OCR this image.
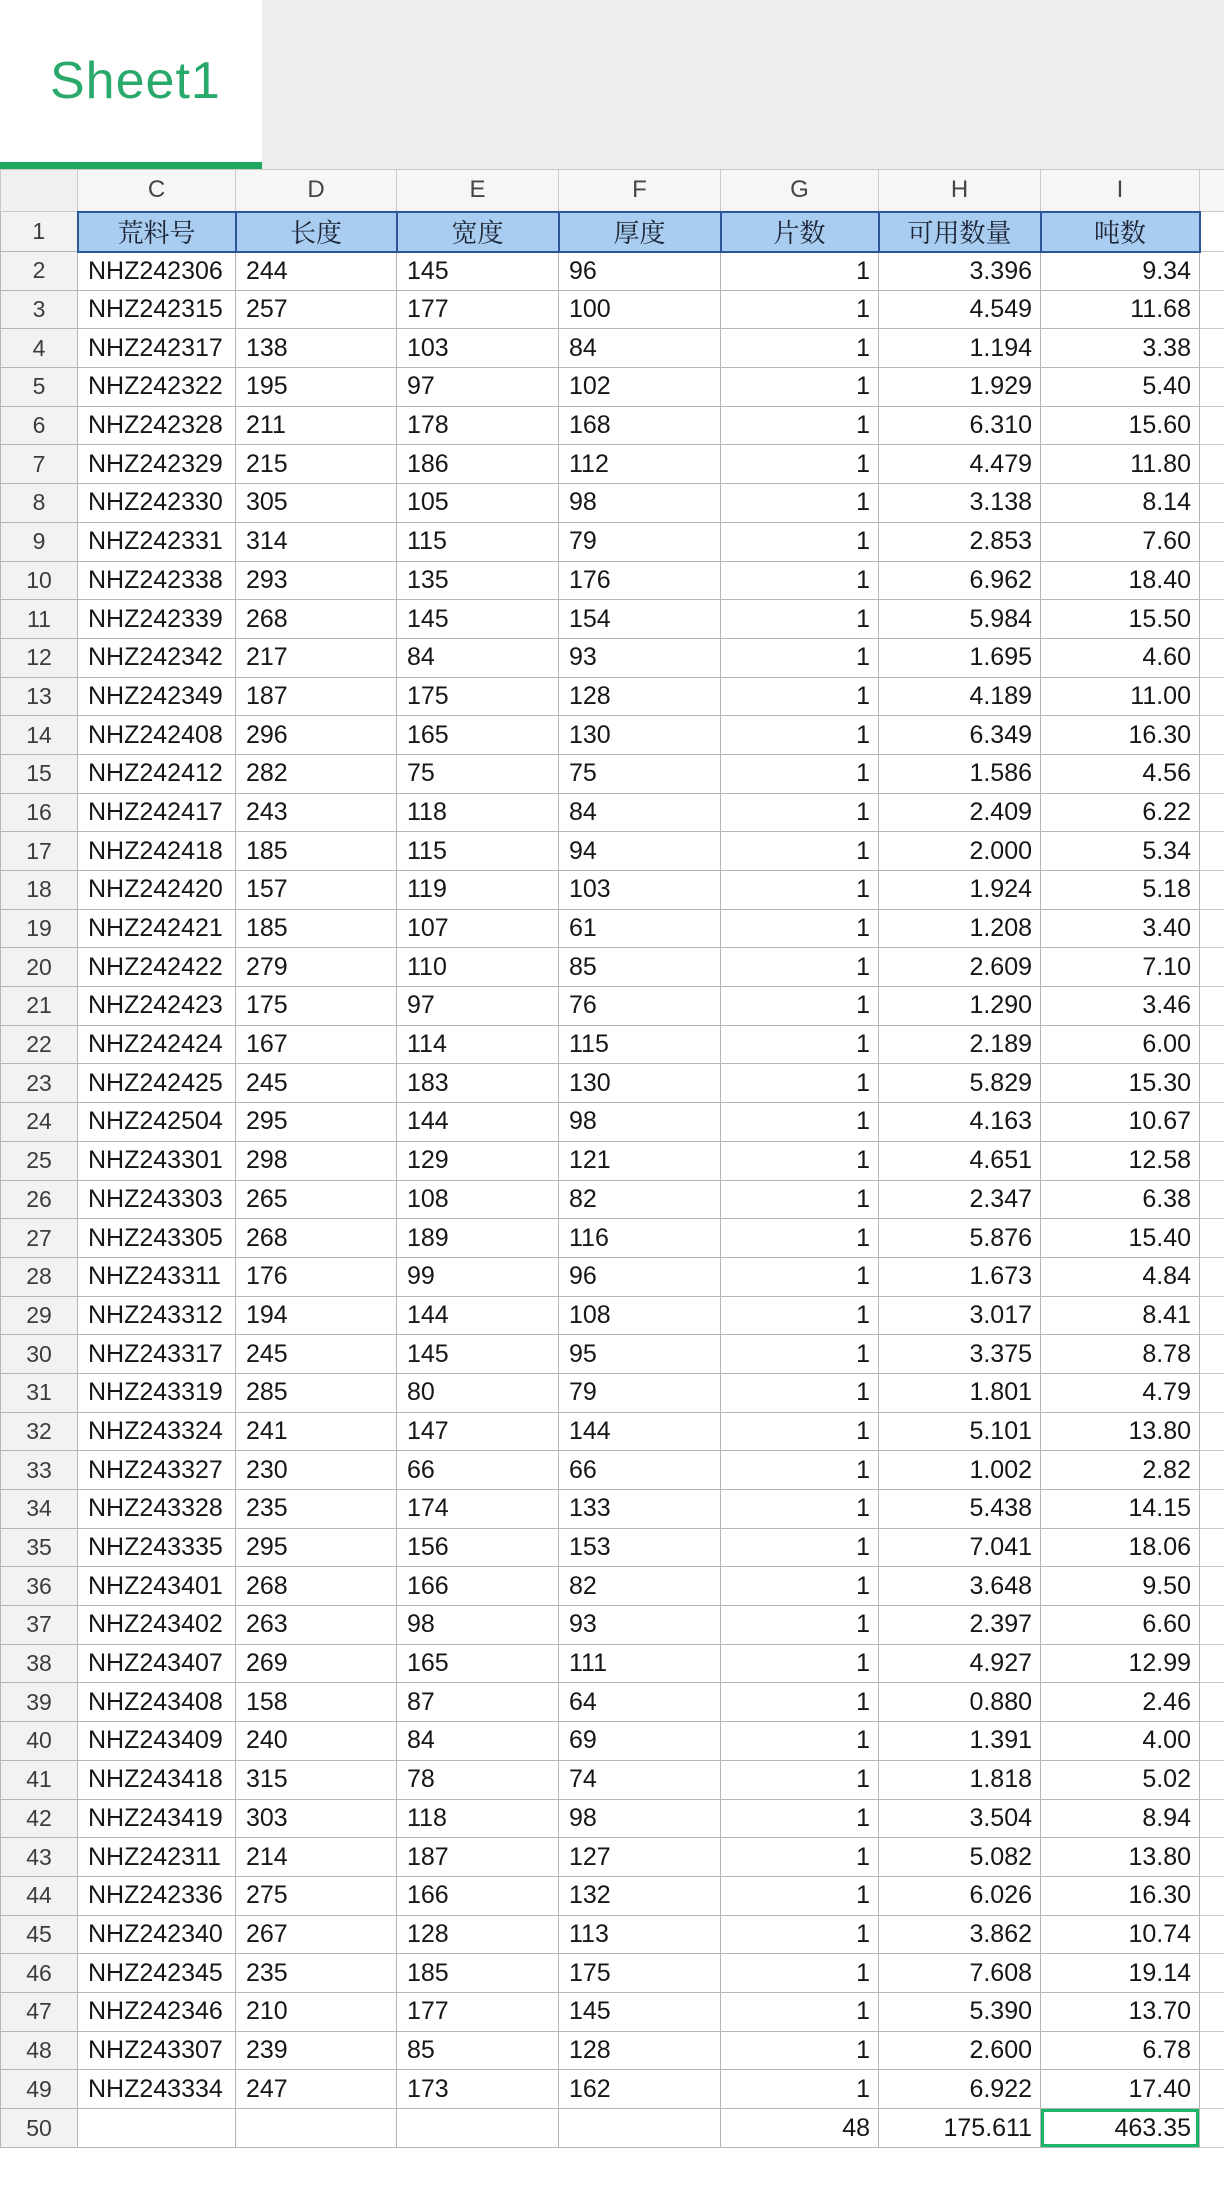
Sheet1
	C	D	E	F	G	H	I	
1	荒料号	长度	宽度	厚度	片数	可用数量	吨数	
2	NHZ242306	244	145	96	1	3.396	9.34	
3	NHZ242315	257	177	100	1	4.549	11.68	
4	NHZ242317	138	103	84	1	1.194	3.38	
5	NHZ242322	195	97	102	1	1.929	5.40	
6	NHZ242328	211	178	168	1	6.310	15.60	
7	NHZ242329	215	186	112	1	4.479	11.80	
8	NHZ242330	305	105	98	1	3.138	8.14	
9	NHZ242331	314	115	79	1	2.853	7.60	
10	NHZ242338	293	135	176	1	6.962	18.40	
11	NHZ242339	268	145	154	1	5.984	15.50	
12	NHZ242342	217	84	93	1	1.695	4.60	
13	NHZ242349	187	175	128	1	4.189	11.00	
14	NHZ242408	296	165	130	1	6.349	16.30	
15	NHZ242412	282	75	75	1	1.586	4.56	
16	NHZ242417	243	118	84	1	2.409	6.22	
17	NHZ242418	185	115	94	1	2.000	5.34	
18	NHZ242420	157	119	103	1	1.924	5.18	
19	NHZ242421	185	107	61	1	1.208	3.40	
20	NHZ242422	279	110	85	1	2.609	7.10	
21	NHZ242423	175	97	76	1	1.290	3.46	
22	NHZ242424	167	114	115	1	2.189	6.00	
23	NHZ242425	245	183	130	1	5.829	15.30	
24	NHZ242504	295	144	98	1	4.163	10.67	
25	NHZ243301	298	129	121	1	4.651	12.58	
26	NHZ243303	265	108	82	1	2.347	6.38	
27	NHZ243305	268	189	116	1	5.876	15.40	
28	NHZ243311	176	99	96	1	1.673	4.84	
29	NHZ243312	194	144	108	1	3.017	8.41	
30	NHZ243317	245	145	95	1	3.375	8.78	
31	NHZ243319	285	80	79	1	1.801	4.79	
32	NHZ243324	241	147	144	1	5.101	13.80	
33	NHZ243327	230	66	66	1	1.002	2.82	
34	NHZ243328	235	174	133	1	5.438	14.15	
35	NHZ243335	295	156	153	1	7.041	18.06	
36	NHZ243401	268	166	82	1	3.648	9.50	
37	NHZ243402	263	98	93	1	2.397	6.60	
38	NHZ243407	269	165	111	1	4.927	12.99	
39	NHZ243408	158	87	64	1	0.880	2.46	
40	NHZ243409	240	84	69	1	1.391	4.00	
41	NHZ243418	315	78	74	1	1.818	5.02	
42	NHZ243419	303	118	98	1	3.504	8.94	
43	NHZ242311	214	187	127	1	5.082	13.80	
44	NHZ242336	275	166	132	1	6.026	16.30	
45	NHZ242340	267	128	113	1	3.862	10.74	
46	NHZ242345	235	185	175	1	7.608	19.14	
47	NHZ242346	210	177	145	1	5.390	13.70	
48	NHZ243307	239	85	128	1	2.600	6.78	
49	NHZ243334	247	173	162	1	6.922	17.40	
50					48	175.611	463.35
